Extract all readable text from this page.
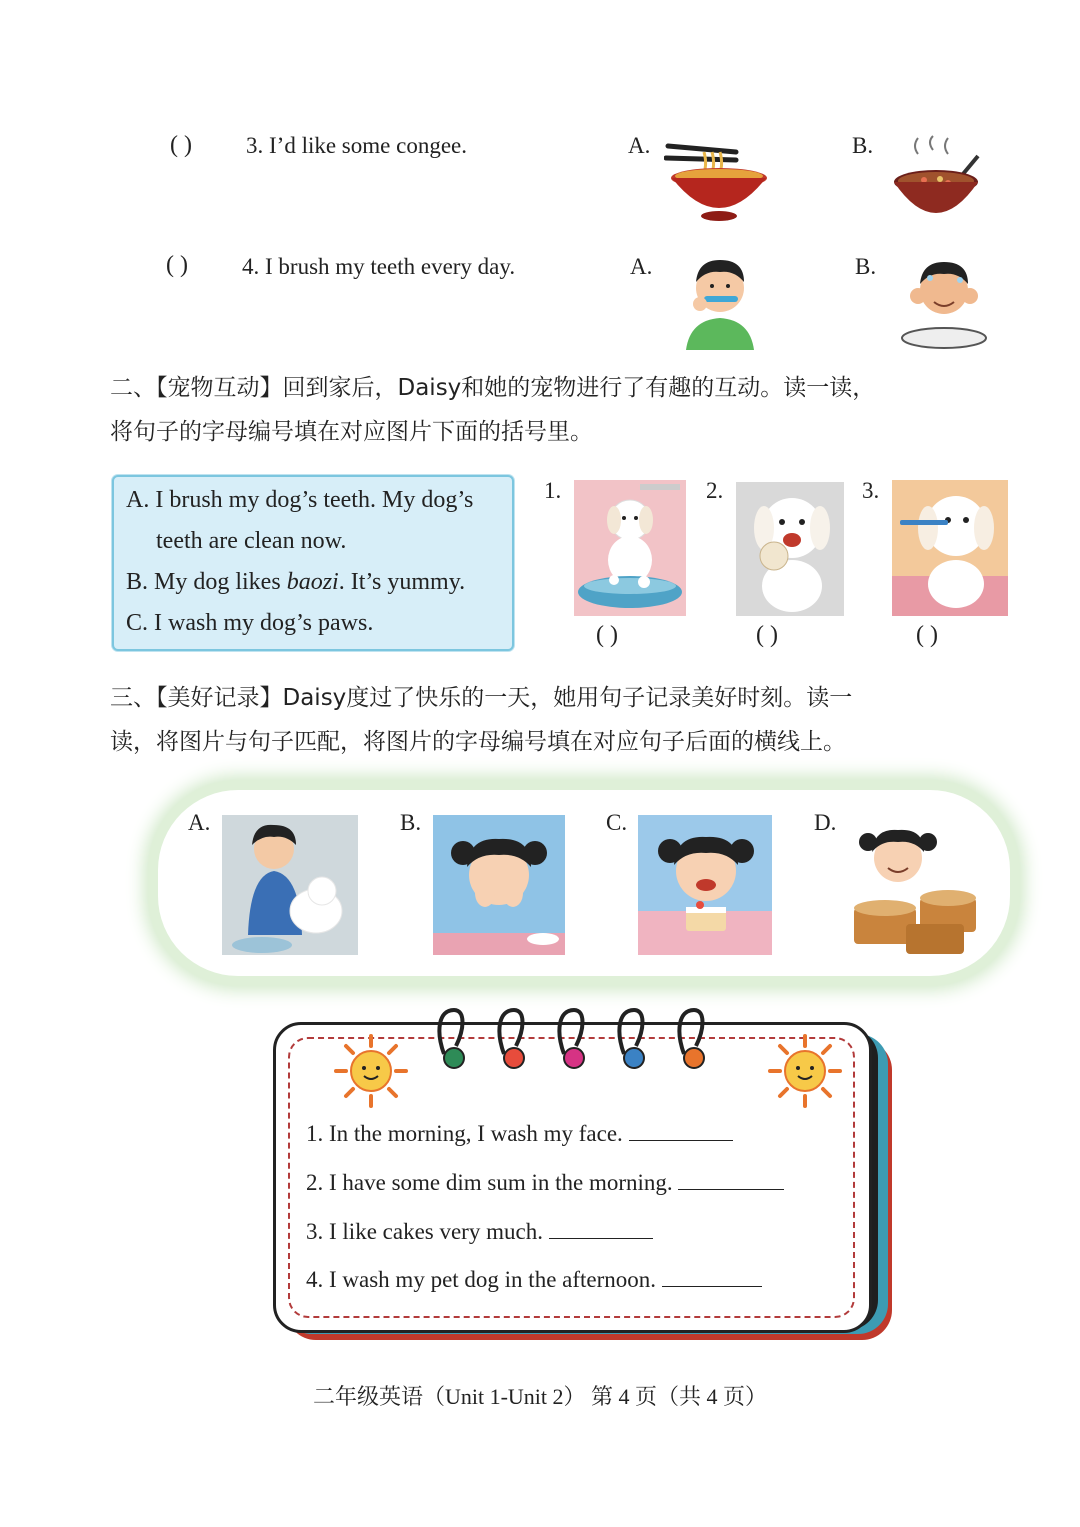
( ) 3. I’d like some congee.	A.	B.
( ) 4. I brush my teeth every day.	A.	B.
二、【宠物互动】回到家后，Daisy和她的宠物进行了有趣的互动。读一读，
将句子的字母编号填在对应图片下面的括号里。
A. I brush my dog’s teeth. My dog’s
teeth are clean now.
B. My dog likes baozi. It’s yummy.
C. I wash my dog’s paws.
1.
( )
2.
( )
3.
( )
三、【美好记录】Daisy度过了快乐的一天，她用句子记录美好时刻。读一
读，将图片与句子匹配，将图片的字母编号填在对应句子后面的横线上。
A.	B.	C.	D.
1. In the morning, I wash my face.
2. I have some dim sum in the morning.
3. I like cakes very much.
4. I wash my pet dog in the afternoon.
二年级英语（Unit 1-Unit 2） 第 4 页（共 4 页）
